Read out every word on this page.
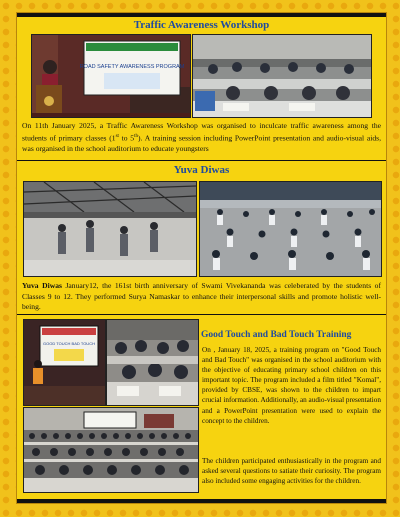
Traffic Awareness Workshop
ROAD SAFETY AWARENESS PROGRAM

On 11th January 2025, a Traffic Awareness Workshop was organised to inculcate traffic awareness among the students of primary classes (1st to 5th). A training session including PowerPoint presentation and audio-visual aids, was organised in the school auditorium to educate youngsters

Yuva Diwas

Yuva Diwas January12, the 161st birth anniversary of Swami Vivekananda was celeberated by the students of Classes 9 to 12. They performed Surya Namaskar to enhance their interpersonal skills and promote holistic well-being.

GOOD TOUCH BAD TOUCH
Good Touch and Bad Touch Training

On , January 18, 2025, a training program on "Good Touch and Bad Touch" was organised in the school auditorium with the objective of educating primary school children on this important topic. The program included a film titled "Komal", provided by CBSE, was shown to the children to impart crucial information. Additionally, an audio-visual presentation and a PowerPoint presentation were used to explain the concept to the children.

The children participated enthusiastically in the program and asked several questions to satiate their curiosity. The program also included some engaging activities for the children.
